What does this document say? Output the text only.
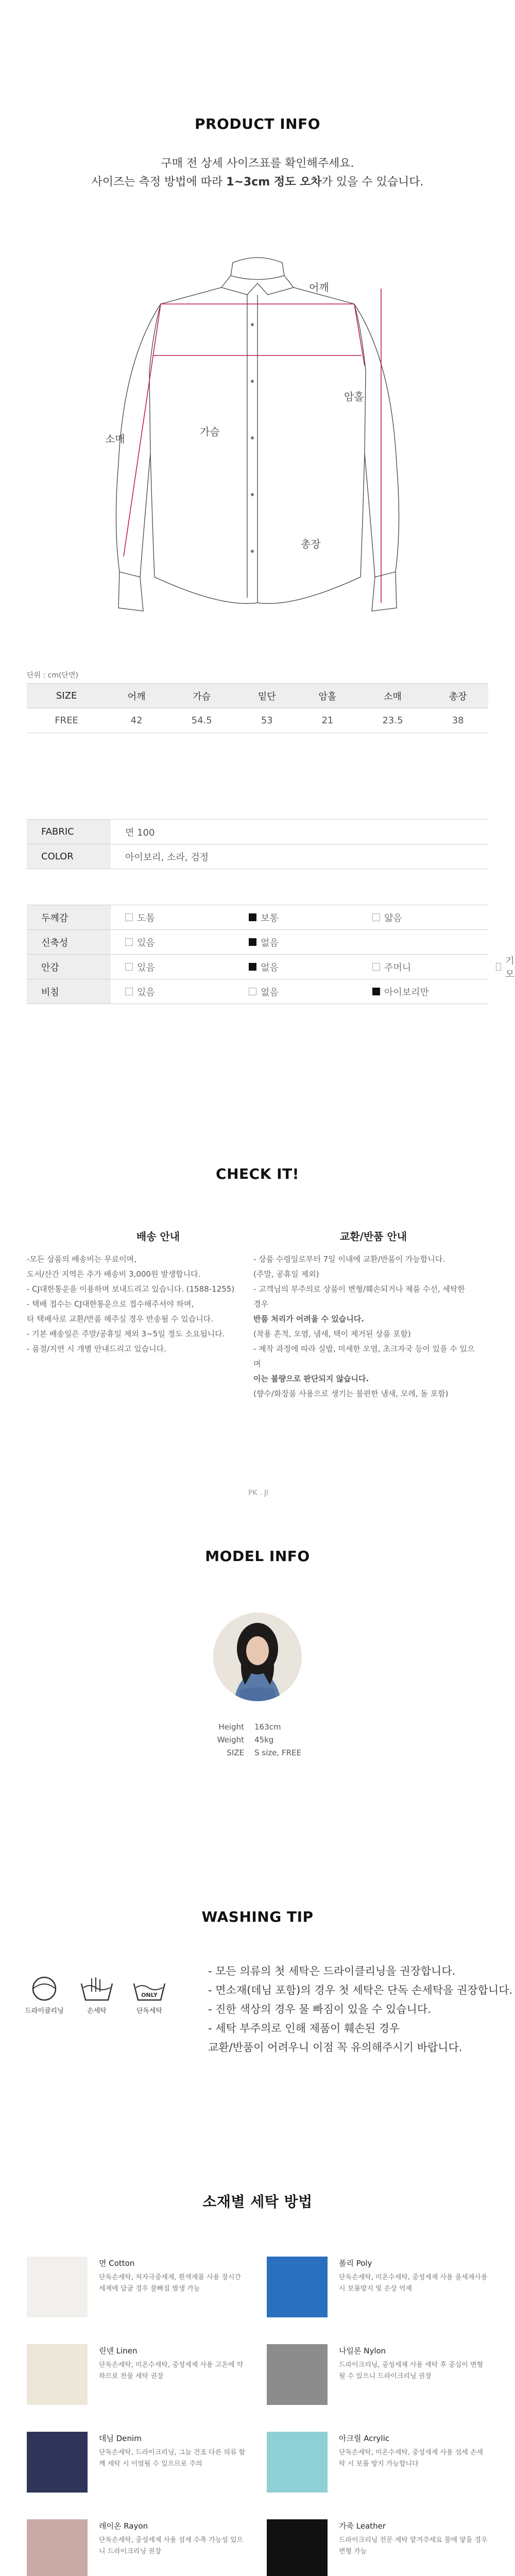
PRODUCT INFO
구매 전 상세 사이즈표를 확인해주세요.
사이즈는 측정 방법에 따라 1~3cm 정도 오차가 있을 수 있습니다.
어깨
암홀
가슴
소매
총장
단위 : cm(단면)
SIZE	어깨	가슴	밑단	암홀	소매	총장
FREE	42	54.5	53	21	23.5	38
FABRIC	면 100
COLOR	아이보리, 소라, 검정
두께감	도톰 보통 얇음

신축성	있음 없음

안감	있음 없음 주머니
기모

비침	있음 없음 아이보리만
CHECK IT!
배송 안내
-모든 상품의 배송비는 무료이며,
도서/산간 지역은 추가 배송비 3,000원 발생합니다.
- CJ대한통운을 이용하며 보내드리고 있습니다. (1588-1255)
- 택배 접수는 CJ대한통운으로 접수해주셔야 하며,
타 택배사로 교환/반품 해주실 경우 반송될 수 있습니다.
- 기본 배송일은 주말/공휴일 제외 3~5일 정도 소요됩니다.
- 품절/지연 시 개별 안내드리고 있습니다.
교환/반품 안내
- 상품 수령일로부터 7일 이내에 교환/반품이 가능합니다.
(주말, 공휴일 제외)
- 고객님의 부주의로 상품이 변형/훼손되거나 제품 수선, 세탁한 경우
반품 처리가 어려울 수 있습니다.
(착용 흔적, 오염, 냄새, 택이 제거된 상품 포함)
- 제작 과정에 따라 실밥, 미세한 오염, 초크자국 등이 있을 수 있으며
이는 불량으로 판단되지 않습니다.
(향수/화장품 사용으로 생기는 불편한 냄새, 모레, 돌 포함)
PK . Jl
MODEL INFO
Height 163cm
Weight 45kg
SIZE S size, FREE
WASHING TIP
드라이클리닝	손세탁
ONLY
단독세탁
- 모든 의류의 첫 세탁은 드라이클리닝을 권장합니다.
- 면소재(데님 포함)의 경우 첫 세탁은 단독 손세탁을 권장합니다.
- 진한 색상의 경우 물 빠짐이 있을 수 있습니다.
- 세탁 부주의로 인해 제품이 훼손된 경우
교환/반품이 어려우니 이점 꼭 유의해주시기 바랍니다.
소재별 세탁 방법
면 Cotton
단독손세탁, 저자극중세제, 흰색제품 사용 장시간 세제에 담글 경우 물빠짐 발생 가능
폴리 Poly
단독손세탁, 미온수세탁, 중성세제 사용 울세제사용시 보풀방지 및 손상 억제
린넨 Linen
단독손세탁, 미온수세탁, 중성세제 사용 고온에 약하므로 찬물 세탁 권장
나일론 Nylon
드라이크리닝, 중성세제 사용 세탁 후 중심이 변형될 수 있으니 드라이크리닝 권장
데님 Denim
단독손세탁, 드라이크리닝, 그늘 건조 다른 의류 함께 세탁 시 이염될 수 있으므로 주의
아크릴 Acrylic
단독손세탁, 미온수세탁, 중성세제 사용 섬세 손세탁 시 보풀 방지 가능합니다
레이온 Rayon
단독손세탁, 중성세제 사용 섬세 수축 가능성 있으니 드라이크리닝 권장
가죽 Leather
드라이크리닝 전문 세탁 맡겨주세요 물에 닿을 경우 변형 가능
